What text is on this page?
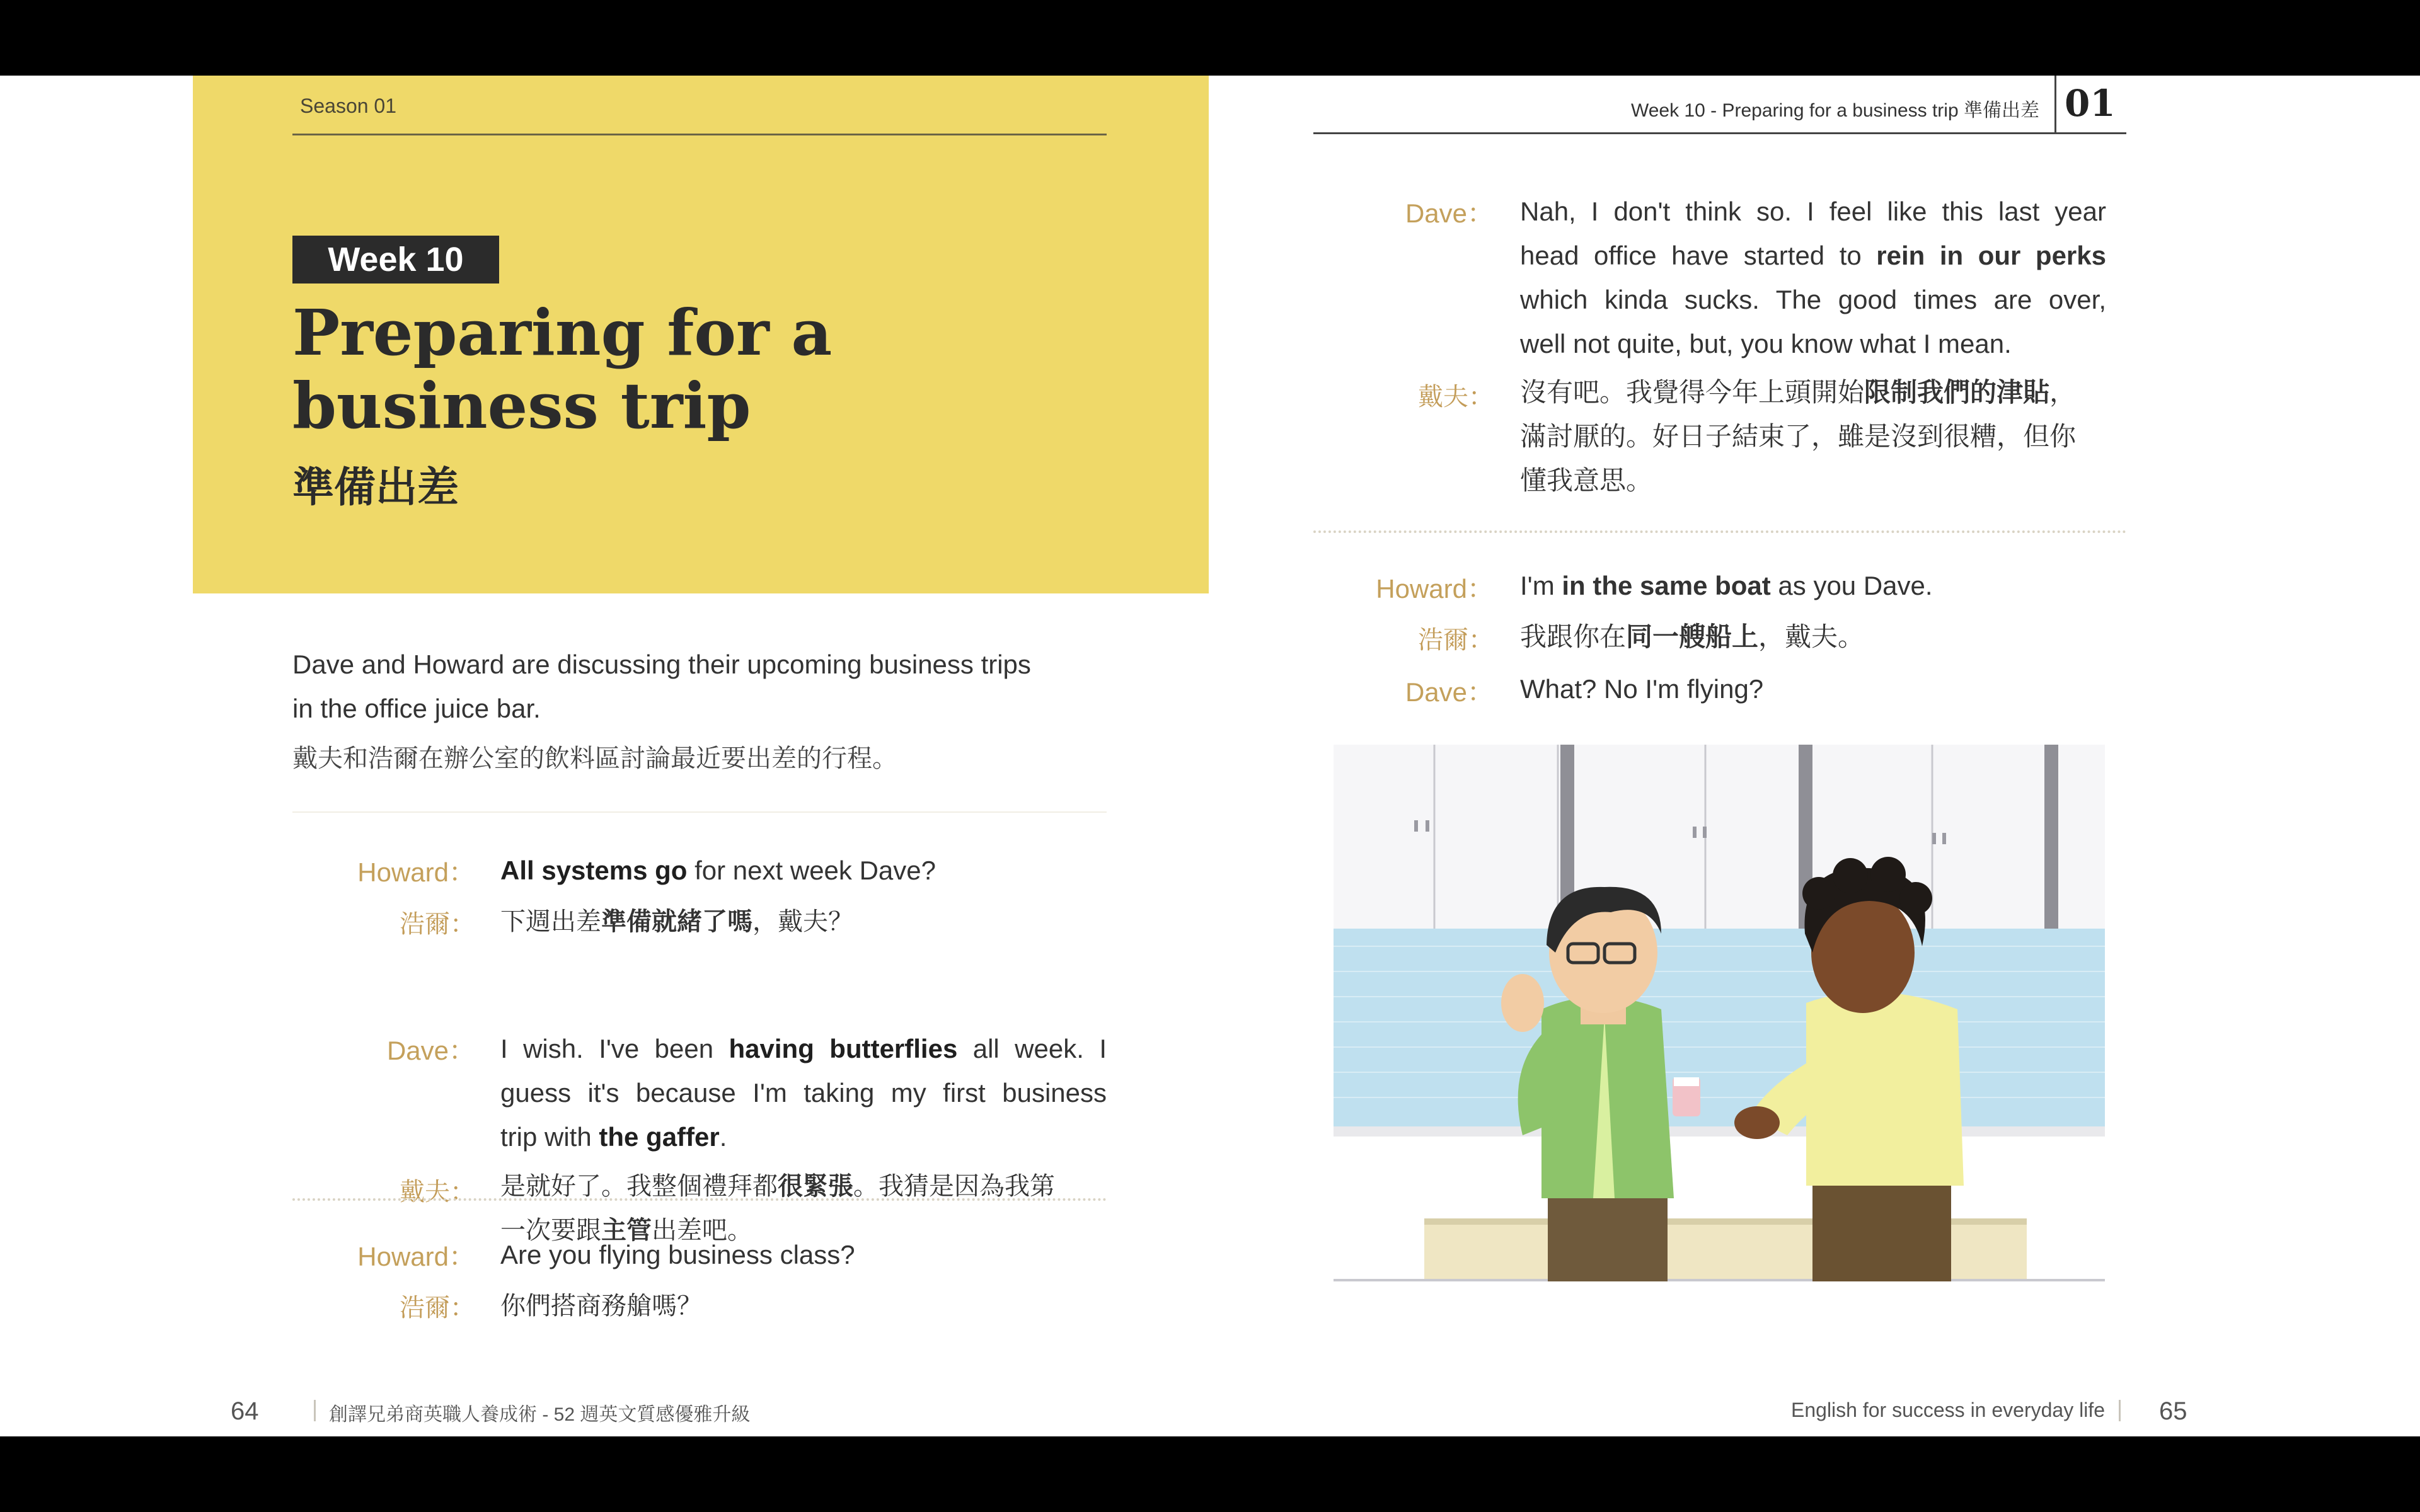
Season 01
Week 10
Preparing for a
business trip
準備出差
Dave and Howard are discussing their upcoming business trips
in the office juice bar.
戴夫和浩爾在辦公室的飲料區討論最近要出差的行程。
Howard： All systems go for next week Dave?
浩爾： 下週出差準備就緒了嗎，戴夫？
Dave： I wish. I've been having butterflies all week. I
guess it's because I'm taking my first business
trip with the gaffer.
戴夫： 是就好了。我整個禮拜都很緊張。我猜是因為我第
一次要跟主管出差吧。
Howard： Are you flying business class?
浩爾： 你們搭商務艙嗎？
64	創譯兄弟商英職人養成術 - 52 週英文質感優雅升級
Week 10 - Preparing for a business trip 準備出差 01
Dave： Nah, I don't think so. I feel like this last year
head office have started to rein in our perks
which kinda sucks. The good times are over,
well not quite, but, you know what I mean.
戴夫： 沒有吧。我覺得今年上頭開始限制我們的津貼，
滿討厭的。好日子結束了，雖是沒到很糟，但你
懂我意思。
Howard： I'm in the same boat as you Dave.
浩爾： 我跟你在同一艘船上，戴夫。
Dave： What? No I'm flying?
English for success in everyday life 65
